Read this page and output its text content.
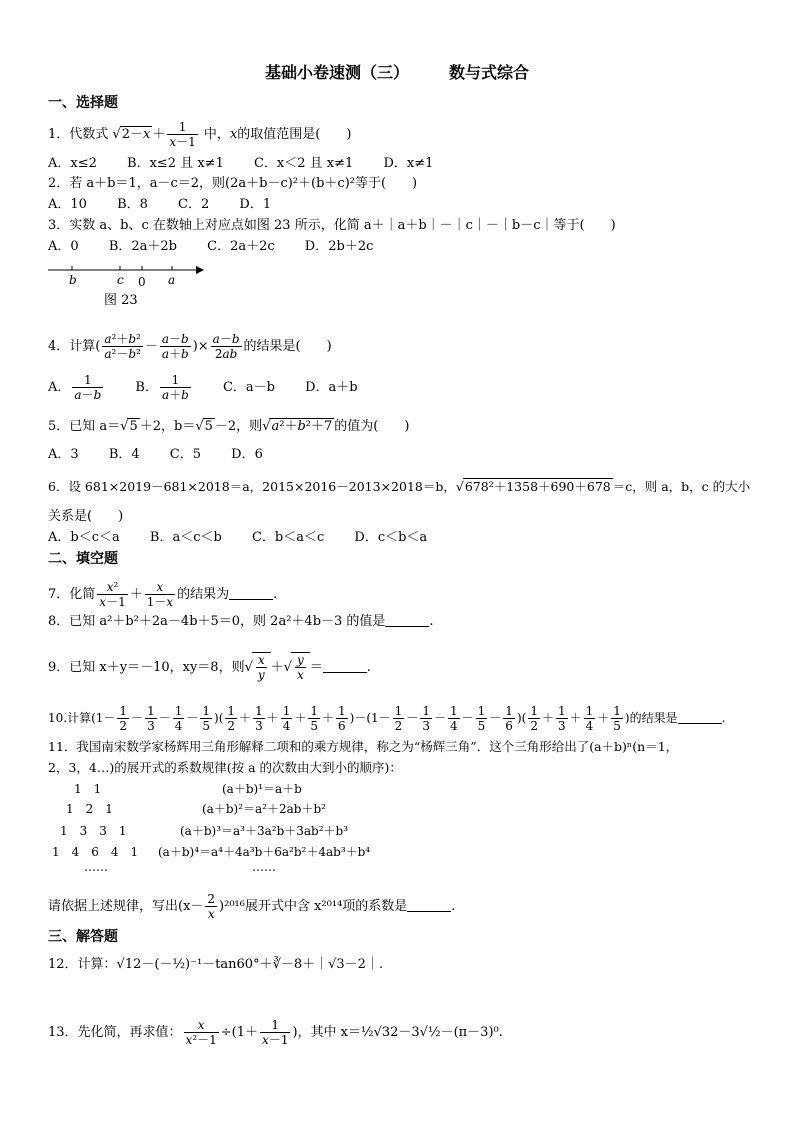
基础小卷速测（三）	数与式综合
一、选择题
1．代数式 $√2-x + \frac{1}{x-1}$ 中，x的取值范围是(　　)
A．x≤2 B．x≤2 且 x≠1 C．x＜2 且 x≠1 D．x≠1
2．若 a＋b＝1，a－c＝2，则(2a＋b－c)²＋(b＋c)²等于(　　)
A．10 B．8 C．2 D．1
3．实数 a、b、c 在数轴上对应点如图 23 所示，化简 a＋｜a＋b｜－｜c｜－｜b－c｜等于(　　)
A．0 B．2a＋2b C．2a＋2c D．2b＋2c
b	c 0 a
图 23
4．计算( $\frac{\text{a²＋b²}}{\text{a²－b²}} - \frac{a-b}{a+b}$ )× $\frac{a-b}{2ab}$ 的结果是(　　)
A． $\frac{1}{a-b}$ B． $\frac{1}{a+b}$ C．a－b D．a＋b
5．已知 a＝√5 ＋2，b＝√5 －2，则√a²＋b²＋7 的值为(　　)
A．3 B．4 C．5 D．6
6．设 681×2019－681×2018＝a，2015×2016－2013×2018＝b，√678²＋1358＋690＋678 ＝c，则 a，b，c 的大小
关系是(　　)
A．b＜c＜a B．a＜c＜b C．b＜a＜c D．c＜b＜a
二、填空题
7．化简 $\frac{\text{x²}}{x-1} + \frac{x}{1-x}$ 的结果为	.
8．已知 a²＋b²＋2a－4b＋5＝0，则 2a²＋4b－3 的值是	.
9．已知 x＋y＝－10，xy＝8，则√ $\frac{x}{y}$ ＋√ $\frac{y}{x}$ ＝	.
10.计算($1- \frac{1}{2} - \frac{1}{3} - \frac{1}{4} - \frac{1}{5}$ )( $\frac{1}{2} + \frac{1}{3} + \frac{1}{4} + \frac{1}{5} + \frac{1}{6} )-(1- \frac{1}{2} - \frac{1}{3} - \frac{1}{4} - \frac{1}{5} - \frac{1}{6}$ )( $\frac{1}{2} + \frac{1}{3} + \frac{1}{4} + \frac{1}{5}$ )的结果是	.
11．我国南宋数学家杨辉用三角形解释二项和的乘方规律，称之为“杨辉三角”．这个三角形给出了(a＋b)ⁿ(n＝1，
2，3，4…)的展开式的系数规律(按 a 的次数由大到小的顺序)：
1　1
1　2　1
1　3　3　1
1　4　6　4　1
……
(a＋b)¹＝a＋b
(a＋b)²＝a²＋2ab＋b²
(a＋b)³＝a³＋3a²b＋3ab²＋b³
(a＋b)⁴＝a⁴＋4a³b＋6a²b²＋4ab³＋b⁴
……
请依据上述规律，写出$(x- \frac{2}{x} )^{2016}$展开式中含 x²⁰¹⁴项的系数是	.
三、解答题
12．计算：√12－(－½)⁻¹－tan60°＋∛－8＋｜√3－2｜.
13．先化简，再求值： $\frac{x}{\text{x²－1}} \div(1+ \frac{1}{x-1}$ )，其中 x＝½√32－3√½－(π－3)⁰.
